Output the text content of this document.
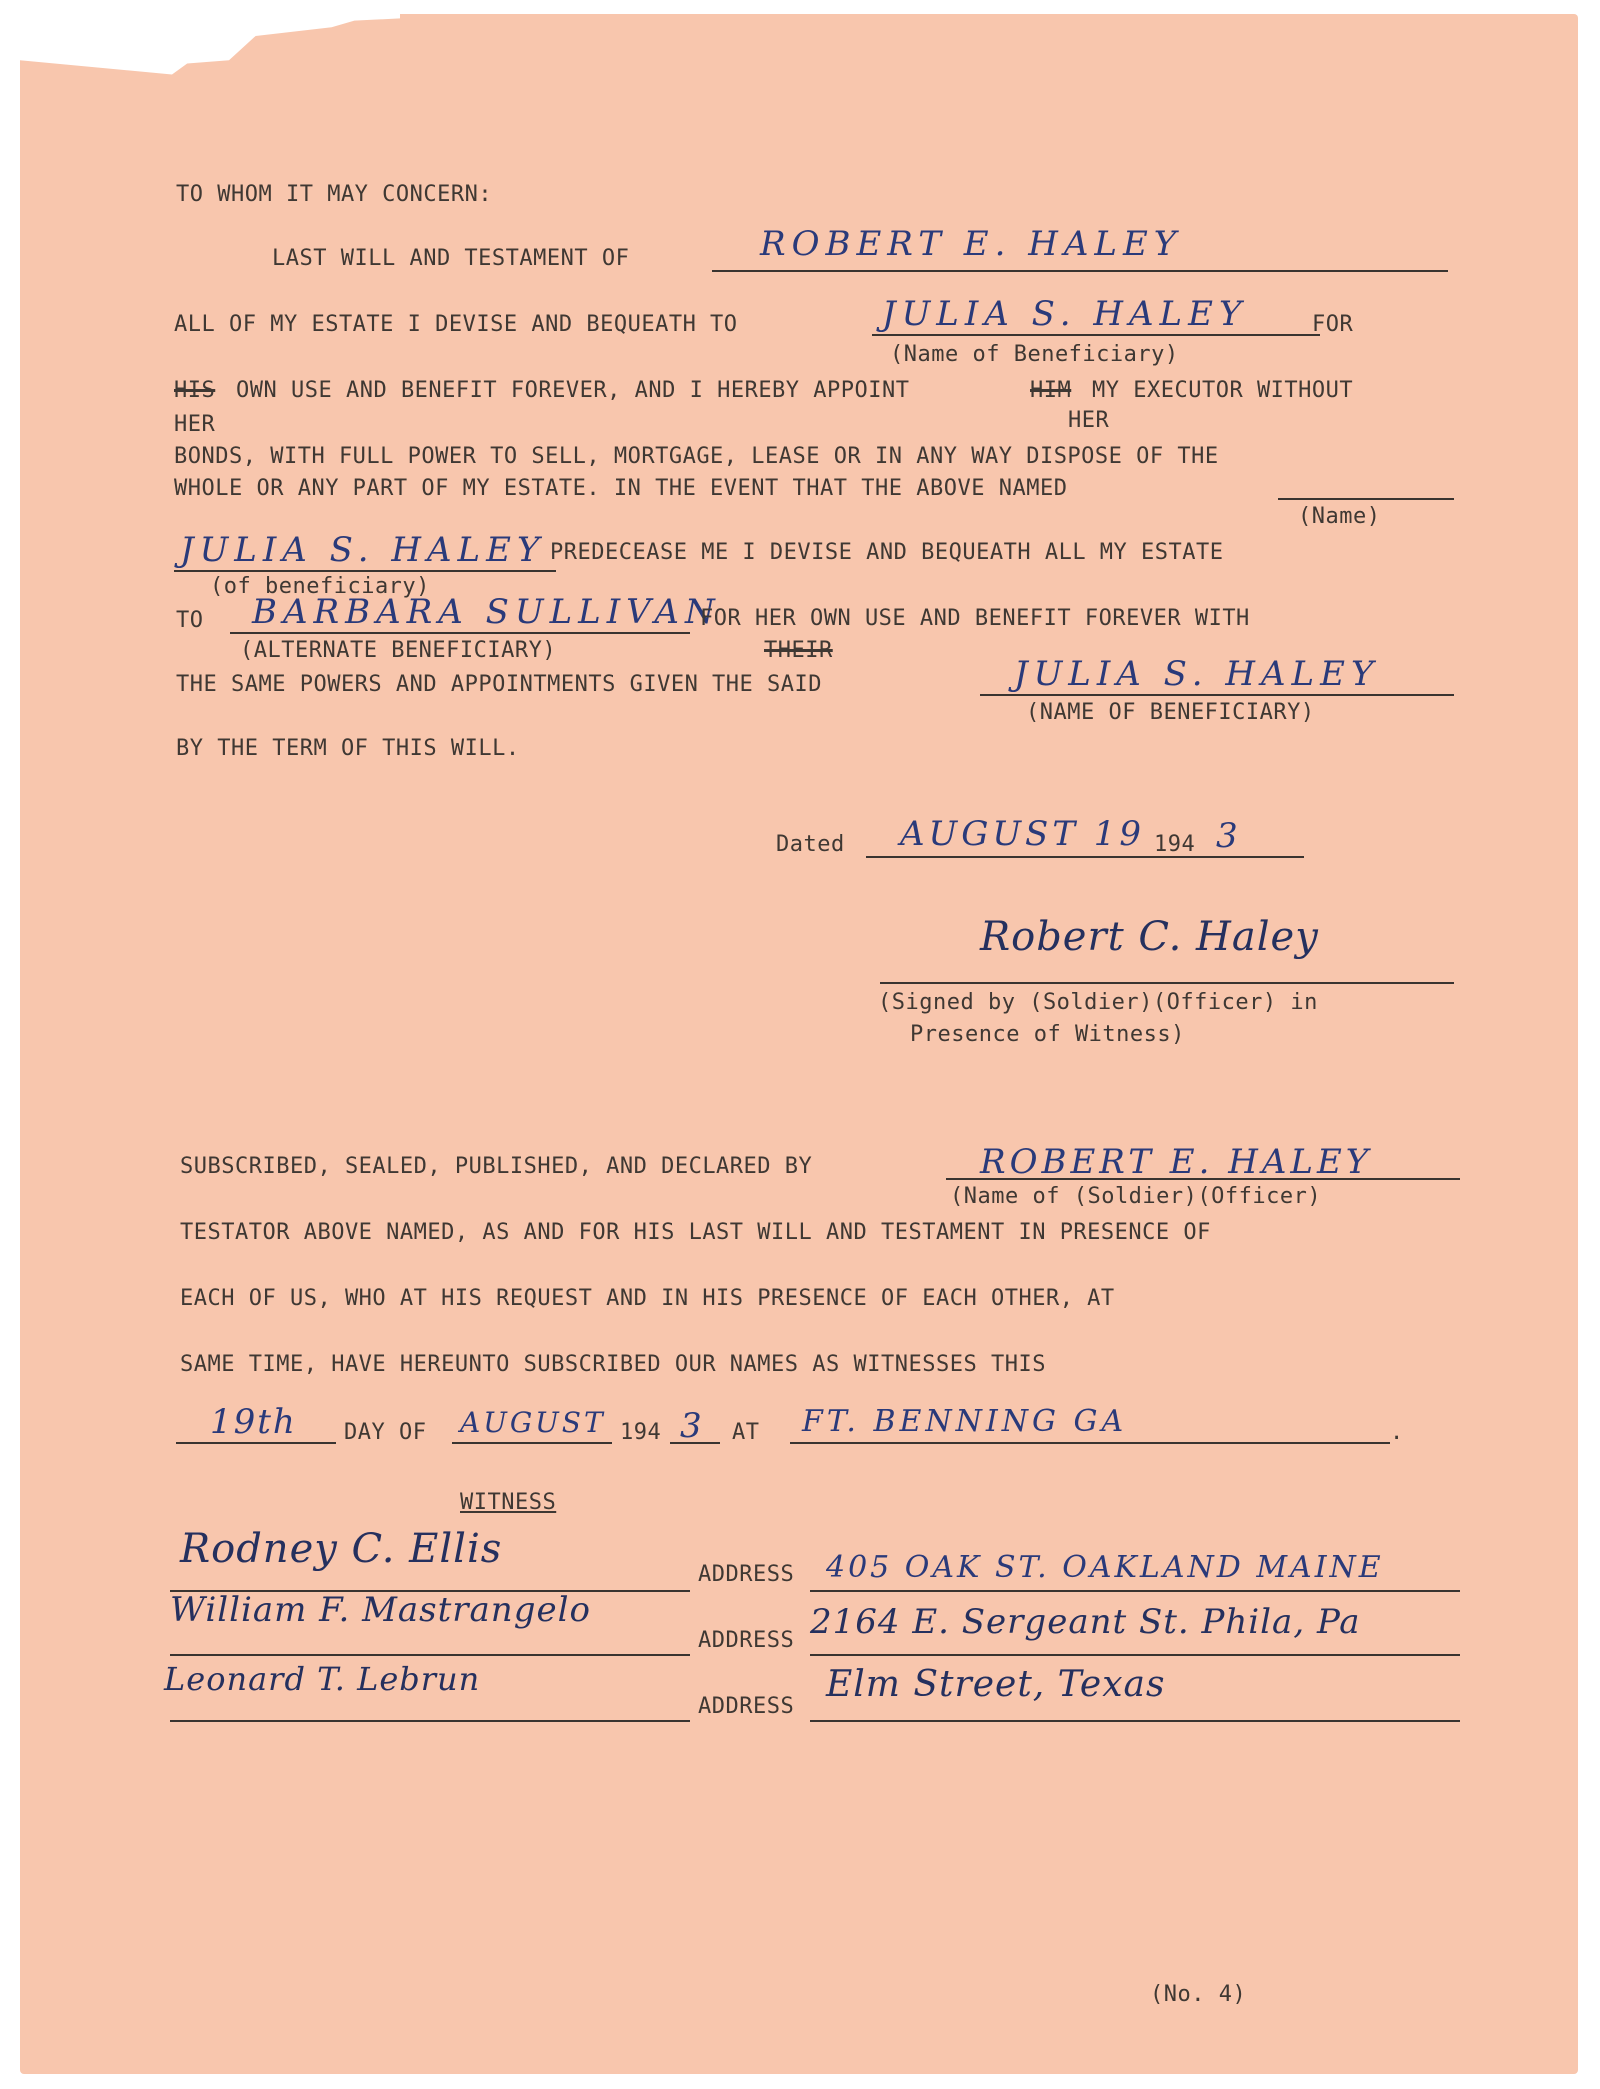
TO WHOM IT MAY CONCERN:
LAST WILL AND TESTAMENT OF	ROBERT E. HALEY
ALL OF MY ESTATE I DEVISE AND BEQUEATH TO	JULIA S. HALEY	FOR
(Name of Beneficiary)
HIS OWN USE AND BENEFIT FOREVER, AND I HEREBY APPOINT	HIM MY EXECUTOR WITHOUT
HER	HER
BONDS, WITH FULL POWER TO SELL, MORTGAGE, LEASE OR IN ANY WAY DISPOSE OF THE
WHOLE OR ANY PART OF MY ESTATE. IN THE EVENT THAT THE ABOVE NAMED
(Name)
JULIA S. HALEY PREDECEASE ME I DEVISE AND BEQUEATH ALL MY ESTATE
(of beneficiary)
TO BARBARA SULLIVAN
FOR HER OWN USE AND BENEFIT FOREVER WITH
(ALTERNATE BENEFICIARY)	THEIR
THE SAME POWERS AND APPOINTMENTS GIVEN THE SAID	JULIA S. HALEY
(NAME OF BENEFICIARY)
BY THE TERM OF THIS WILL.
Dated AUGUST 19 194 3
Robert C. Haley
(Signed by (Soldier)(Officer) in
Presence of Witness)
SUBSCRIBED, SEALED, PUBLISHED, AND DECLARED BY	ROBERT E. HALEY
(Name of (Soldier)(Officer)
TESTATOR ABOVE NAMED, AS AND FOR HIS LAST WILL AND TESTAMENT IN PRESENCE OF
EACH OF US, WHO AT HIS REQUEST AND IN HIS PRESENCE OF EACH OTHER, AT
SAME TIME, HAVE HEREUNTO SUBSCRIBED OUR NAMES AS WITNESSES THIS
19th DAY OF AUGUST 194 3 AT FT. BENNING GA	.
WITNESS
Rodney C. Ellis
ADDRESS 405 OAK ST. OAKLAND MAINE
William F. Mastrangelo
ADDRESS 2164 E. Sergeant St. Phila, Pa
Leonard T. Lebrun
ADDRESS
Elm Street, Texas
(No. 4)
